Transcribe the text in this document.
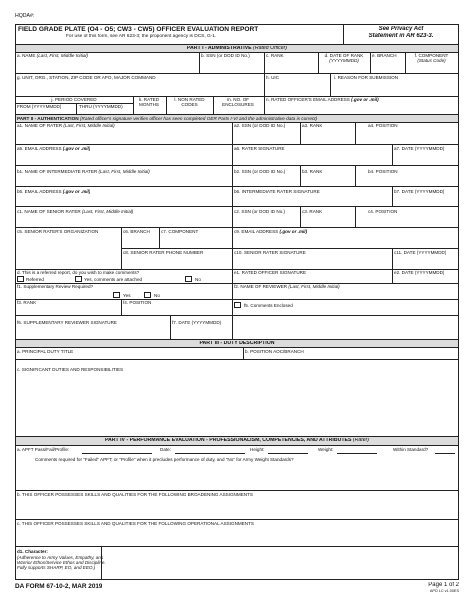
HQDA#:
FIELD GRADE PLATE (O4 - O5; CW3 - CW5) OFFICER EVALUATION REPORT
For use of this form, see AR 623-3; the proponent agency is DCS, G-1.
See Privacy Act
Statement in AR 623-3.
PART I - ADMINISTRATIVE (Rated Officer)
a. NAME (Last, First, Middle Initial)	b. SSN (or DOD ID No.)	c. RANK	d. DATE OF RANK
(YYYYMMDD)
e. BRANCH	f. COMPONENT
(Status Code)
g. UNIT, ORG., STATION, ZIP CODE OR APO, MAJOR COMMAND	h. UIC	i. REASON FOR SUBMISSION
j. PERIOD COVERED
FROM (YYYYMMDD)	THRU (YYYYMMDD)
k. RATED
MONTHS
l. NON RATED
CODES
m. NO. OF
ENCLOSURES
n. RATED OFFICER'S EMAIL ADDRESS (.gov or .mil)
PART II - AUTHENTICATION (Rated officer's signature verifies officer has seen completed OER Parts I-VI and the administrative data is correct)
a1. NAME OF RATER (Last, First, Middle Initial)	a2. SSN (or DOD ID No.)	a3. RANK	a4. POSITION
a5. EMAIL ADDRESS (.gov or .mil)	a6. RATER SIGNATURE	a7. DATE (YYYYMMDD)
b1. NAME OF INTERMEDIATE RATER (Last, First, Middle Initial)	b2. SSN (or DOD ID No.)	b3. RANK	b4. POSITION
b5. EMAIL ADDRESS (.gov or .mil)	b6. INTERMEDIATE RATER SIGNATURE	b7. DATE (YYYYMMDD)
c1. NAME OF SENIOR RATER (Last, First, Middle Initial)	c2. SSN (or DOD ID No.)	c3. RANK	c4. POSITION
c5. SENIOR RATER'S ORGANIZATION	c6. BRANCH c7. COMPONENT	c9. EMAIL ADDRESS (.gov or .mil)
c8. SENIOR RATER PHONE NUMBER	c10. SENIOR RATER SIGNATURE	c11. DATE (YYYYMMDD)
d. This is a referred report, do you wish to make comments?
Referred	Yes, comments are attached	No
e1. RATED OFFICER SIGNATURE	e2. DATE (YYYYMMDD)
f1. Supplementary Review Required?
Yes	No
f2. NAME OF REVIEWER (Last, First, Middle Initial)
f3. RANK	f4. POSITION
f5. Comments Enclosed
f6. SUPPLEMENTARY REVIEWER SIGNATURE	f7. DATE (YYYYMMDD)
PART III - DUTY DESCRIPTION
a. PRINCIPAL DUTY TITLE	b. POSITION AOC/BRANCH
c. SIGNIFICANT DUTIES AND RESPONSIBILITIES
PART IV - PERFORMANCE EVALUATION - PROFESSIONALISM, COMPETENCIES, AND ATTRIBUTES (Rater)
a. APFT Pass/Fail/Profile:	Date:	Height:	Weight:	Within Standard?
Comments required for "Failed" APFT; or "Profile" when it precludes performance of duty, and "No" for Army Weight Standards?
b. THIS OFFICER POSSESSES SKILLS AND QUALITIES FOR THE FOLLOWING BROADENING ASSIGNMENTS
c. THIS OFFICER POSSESSES SKILLS AND QUALITIES FOR THE FOLLOWING OPERATIONAL ASSIGNMENTS
d1. Character:
(Adherence to Army Values, Empathy, and
Warrior Ethos/Service Ethos and Discipline.
Fully supports SHARP, EO, and EEO.)
DA FORM 67-10-2, MAR 2019	Page 1 of 2
APD LC v1.00ES
